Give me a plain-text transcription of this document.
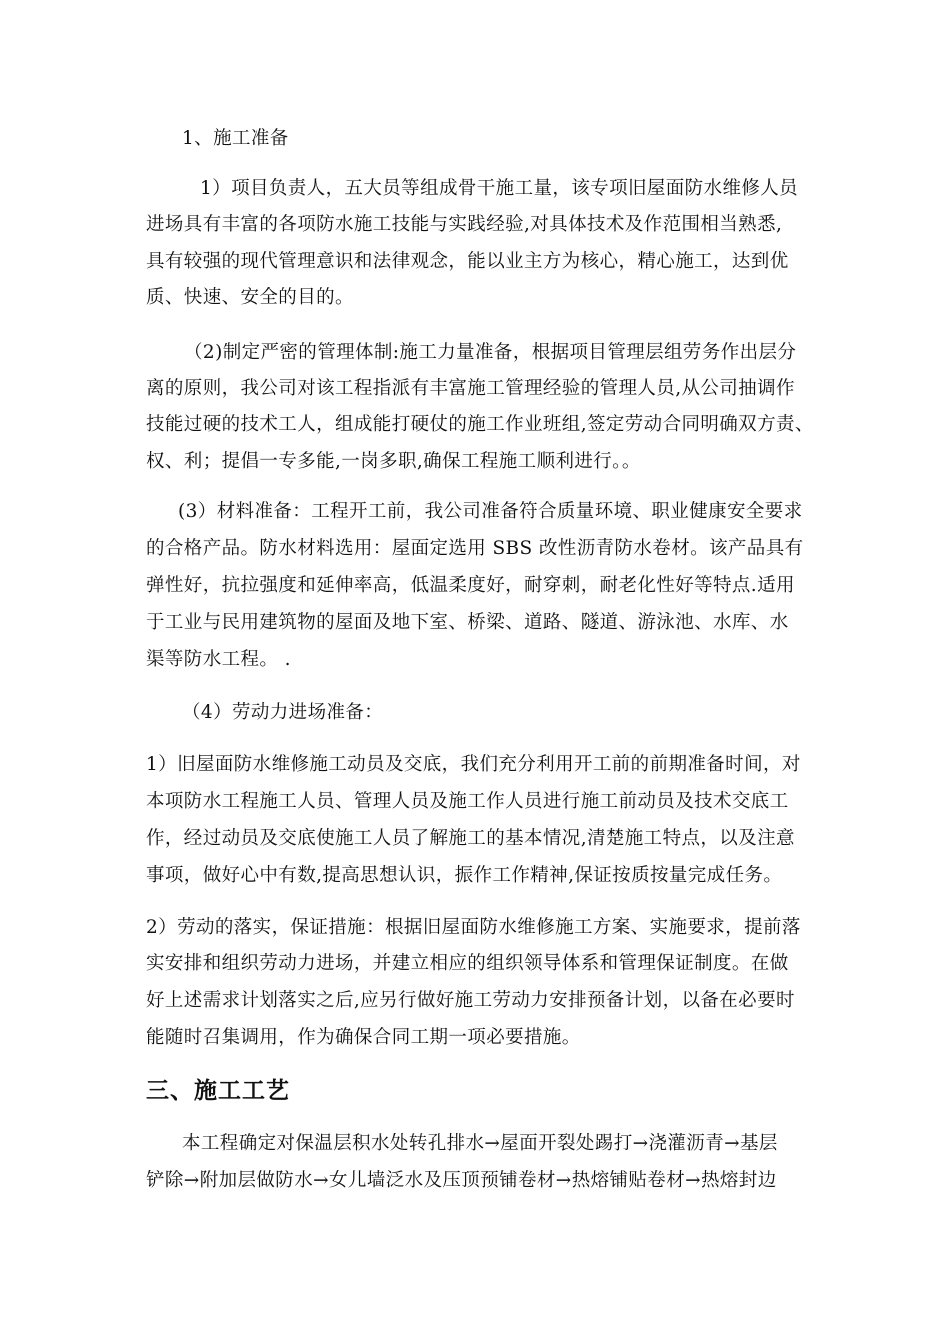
1、施工准备
1）项目负责人，五大员等组成骨干施工量，该专项旧屋面防水维修人员
进场具有丰富的各项防水施工技能与实践经验,对具体技术及作范围相当熟悉,
具有较强的现代管理意识和法律观念，能以业主方为核心，精心施工，达到优
质、快速、安全的目的。
（2)制定严密的管理体制:施工力量准备，根据项目管理层组劳务作出层分
离的原则，我公司对该工程指派有丰富施工管理经验的管理人员,从公司抽调作
技能过硬的技术工人，组成能打硬仗的施工作业班组,签定劳动合同明确双方责、
权、利；提倡一专多能,一岗多职,确保工程施工顺利进行。。
(3）材料准备：工程开工前，我公司准备符合质量环境、职业健康安全要求
的合格产品。防水材料选用：屋面定选用 SBS 改性沥青防水卷材。该产品具有
弹性好，抗拉强度和延伸率高，低温柔度好，耐穿刺，耐老化性好等特点.适用
于工业与民用建筑物的屋面及地下室、桥梁、道路、隧道、游泳池、水库、水
渠等防水工程。 .
（4）劳动力进场准备：
1）旧屋面防水维修施工动员及交底，我们充分利用开工前的前期准备时间，对
本项防水工程施工人员、管理人员及施工作人员进行施工前动员及技术交底工
作，经过动员及交底使施工人员了解施工的基本情况,清楚施工特点，以及注意
事项，做好心中有数,提高思想认识，振作工作精神,保证按质按量完成任务。
2）劳动的落实，保证措施：根据旧屋面防水维修施工方案、实施要求，提前落
实安排和组织劳动力进场，并建立相应的组织领导体系和管理保证制度。在做
好上述需求计划落实之后,应另行做好施工劳动力安排预备计划，以备在必要时
能随时召集调用，作为确保合同工期一项必要措施。
三、施工工艺
本工程确定对保温层积水处转孔排水→屋面开裂处踢打→浇灌沥青→基层
铲除→附加层做防水→女儿墙泛水及压顶预铺卷材→热熔铺贴卷材→热熔封边
